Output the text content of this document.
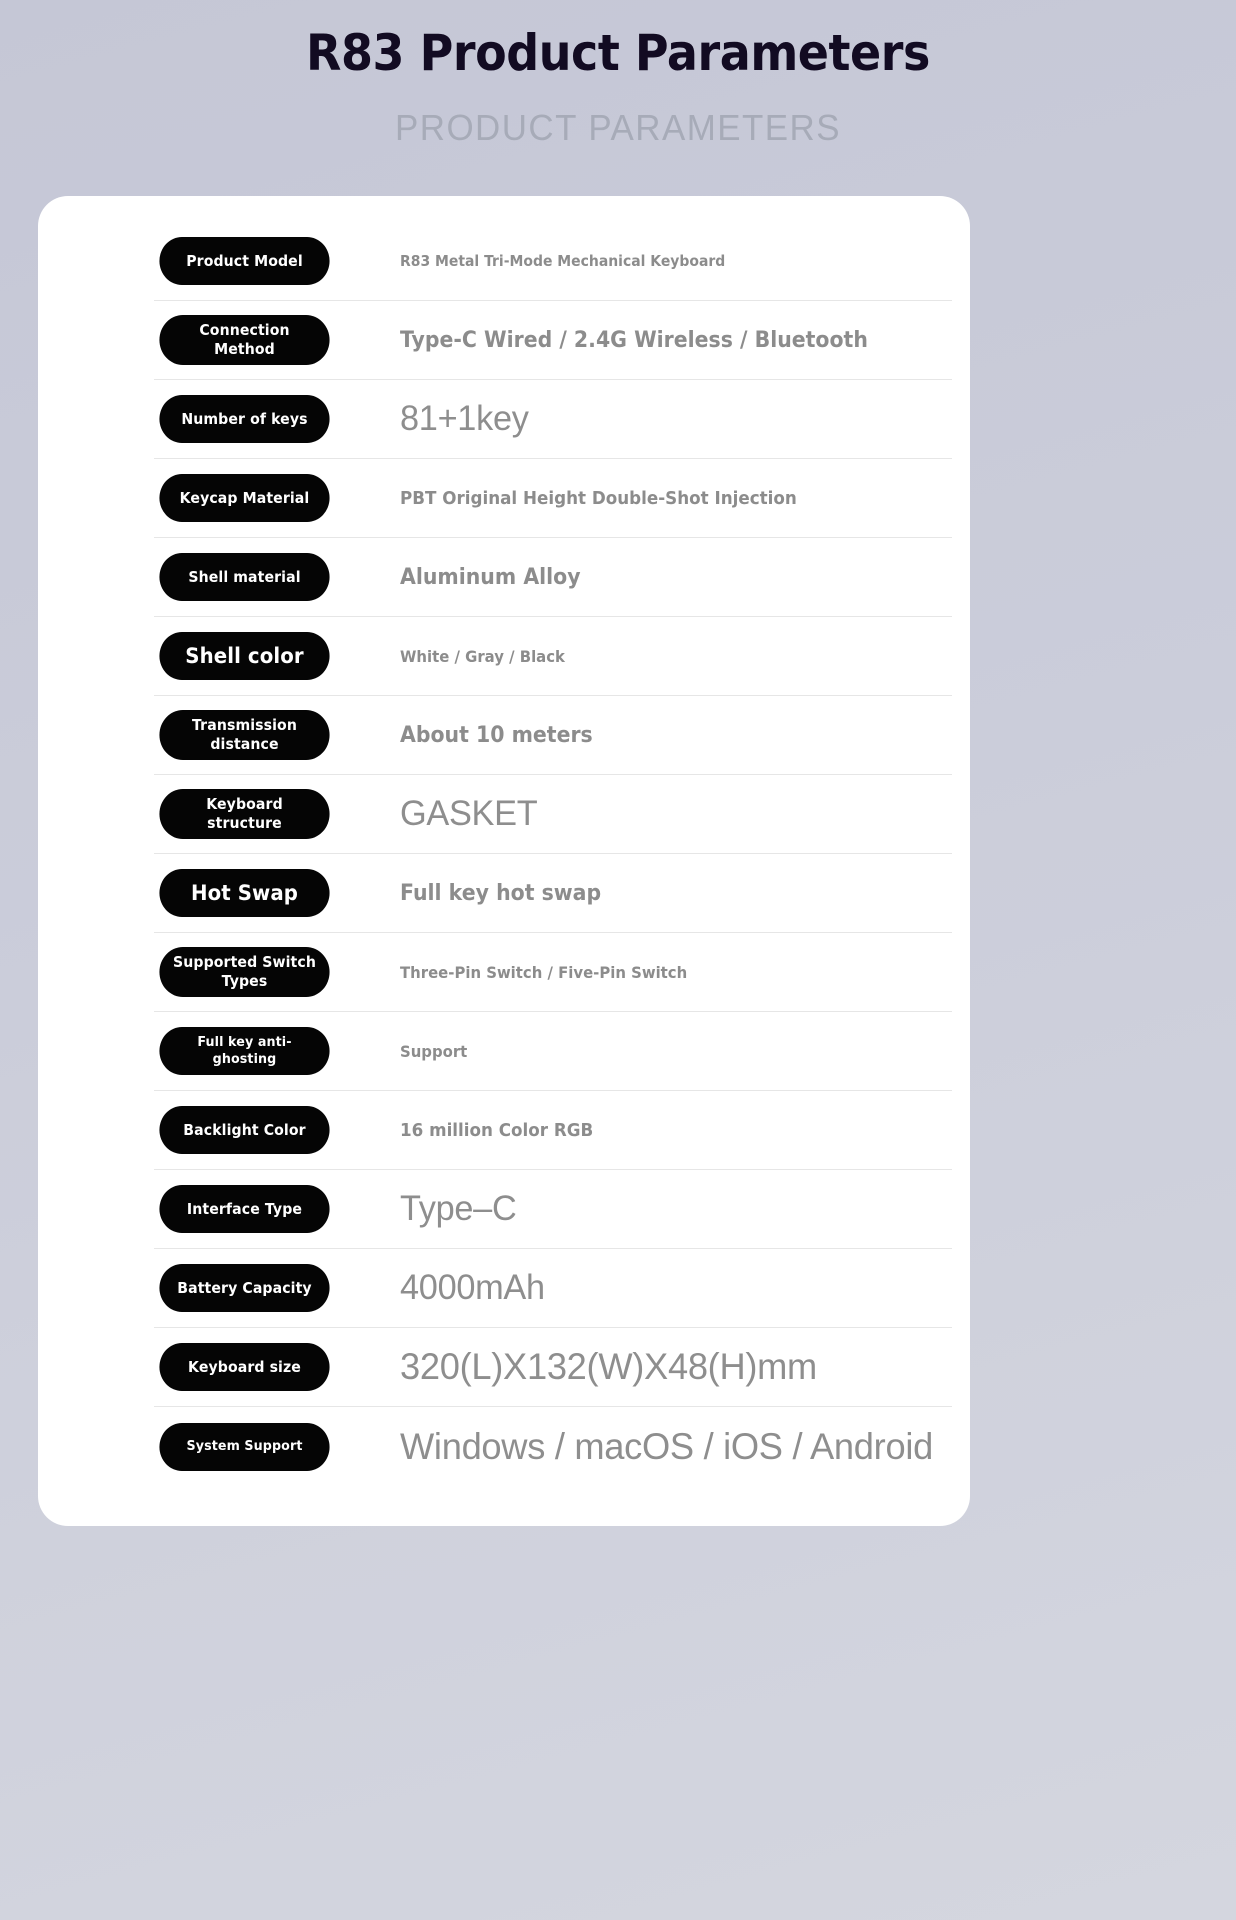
R83 Product Parameters
PRODUCT PARAMETERS
Product Model	R83 Metal Tri-Mode Mechanical Keyboard
Connection Method	Type-C Wired / 2.4G Wireless / Bluetooth
Number of keys	81+1key
Keycap Material	PBT Original Height Double-Shot Injection
Shell material	Aluminum Alloy
Shell color	White / Gray / Black
Transmission distance	About 10 meters
Keyboard structure	GASKET
Hot Swap	Full key hot swap
Supported Switch Types	Three-Pin Switch / Five-Pin Switch
Full key anti-ghosting	Support
Backlight Color	16 million Color RGB
Interface Type	Type–C
Battery Capacity	4000mAh
Keyboard size	320(L)X132(W)X48(H)mm
System Support	Windows / macOS / iOS / Android
